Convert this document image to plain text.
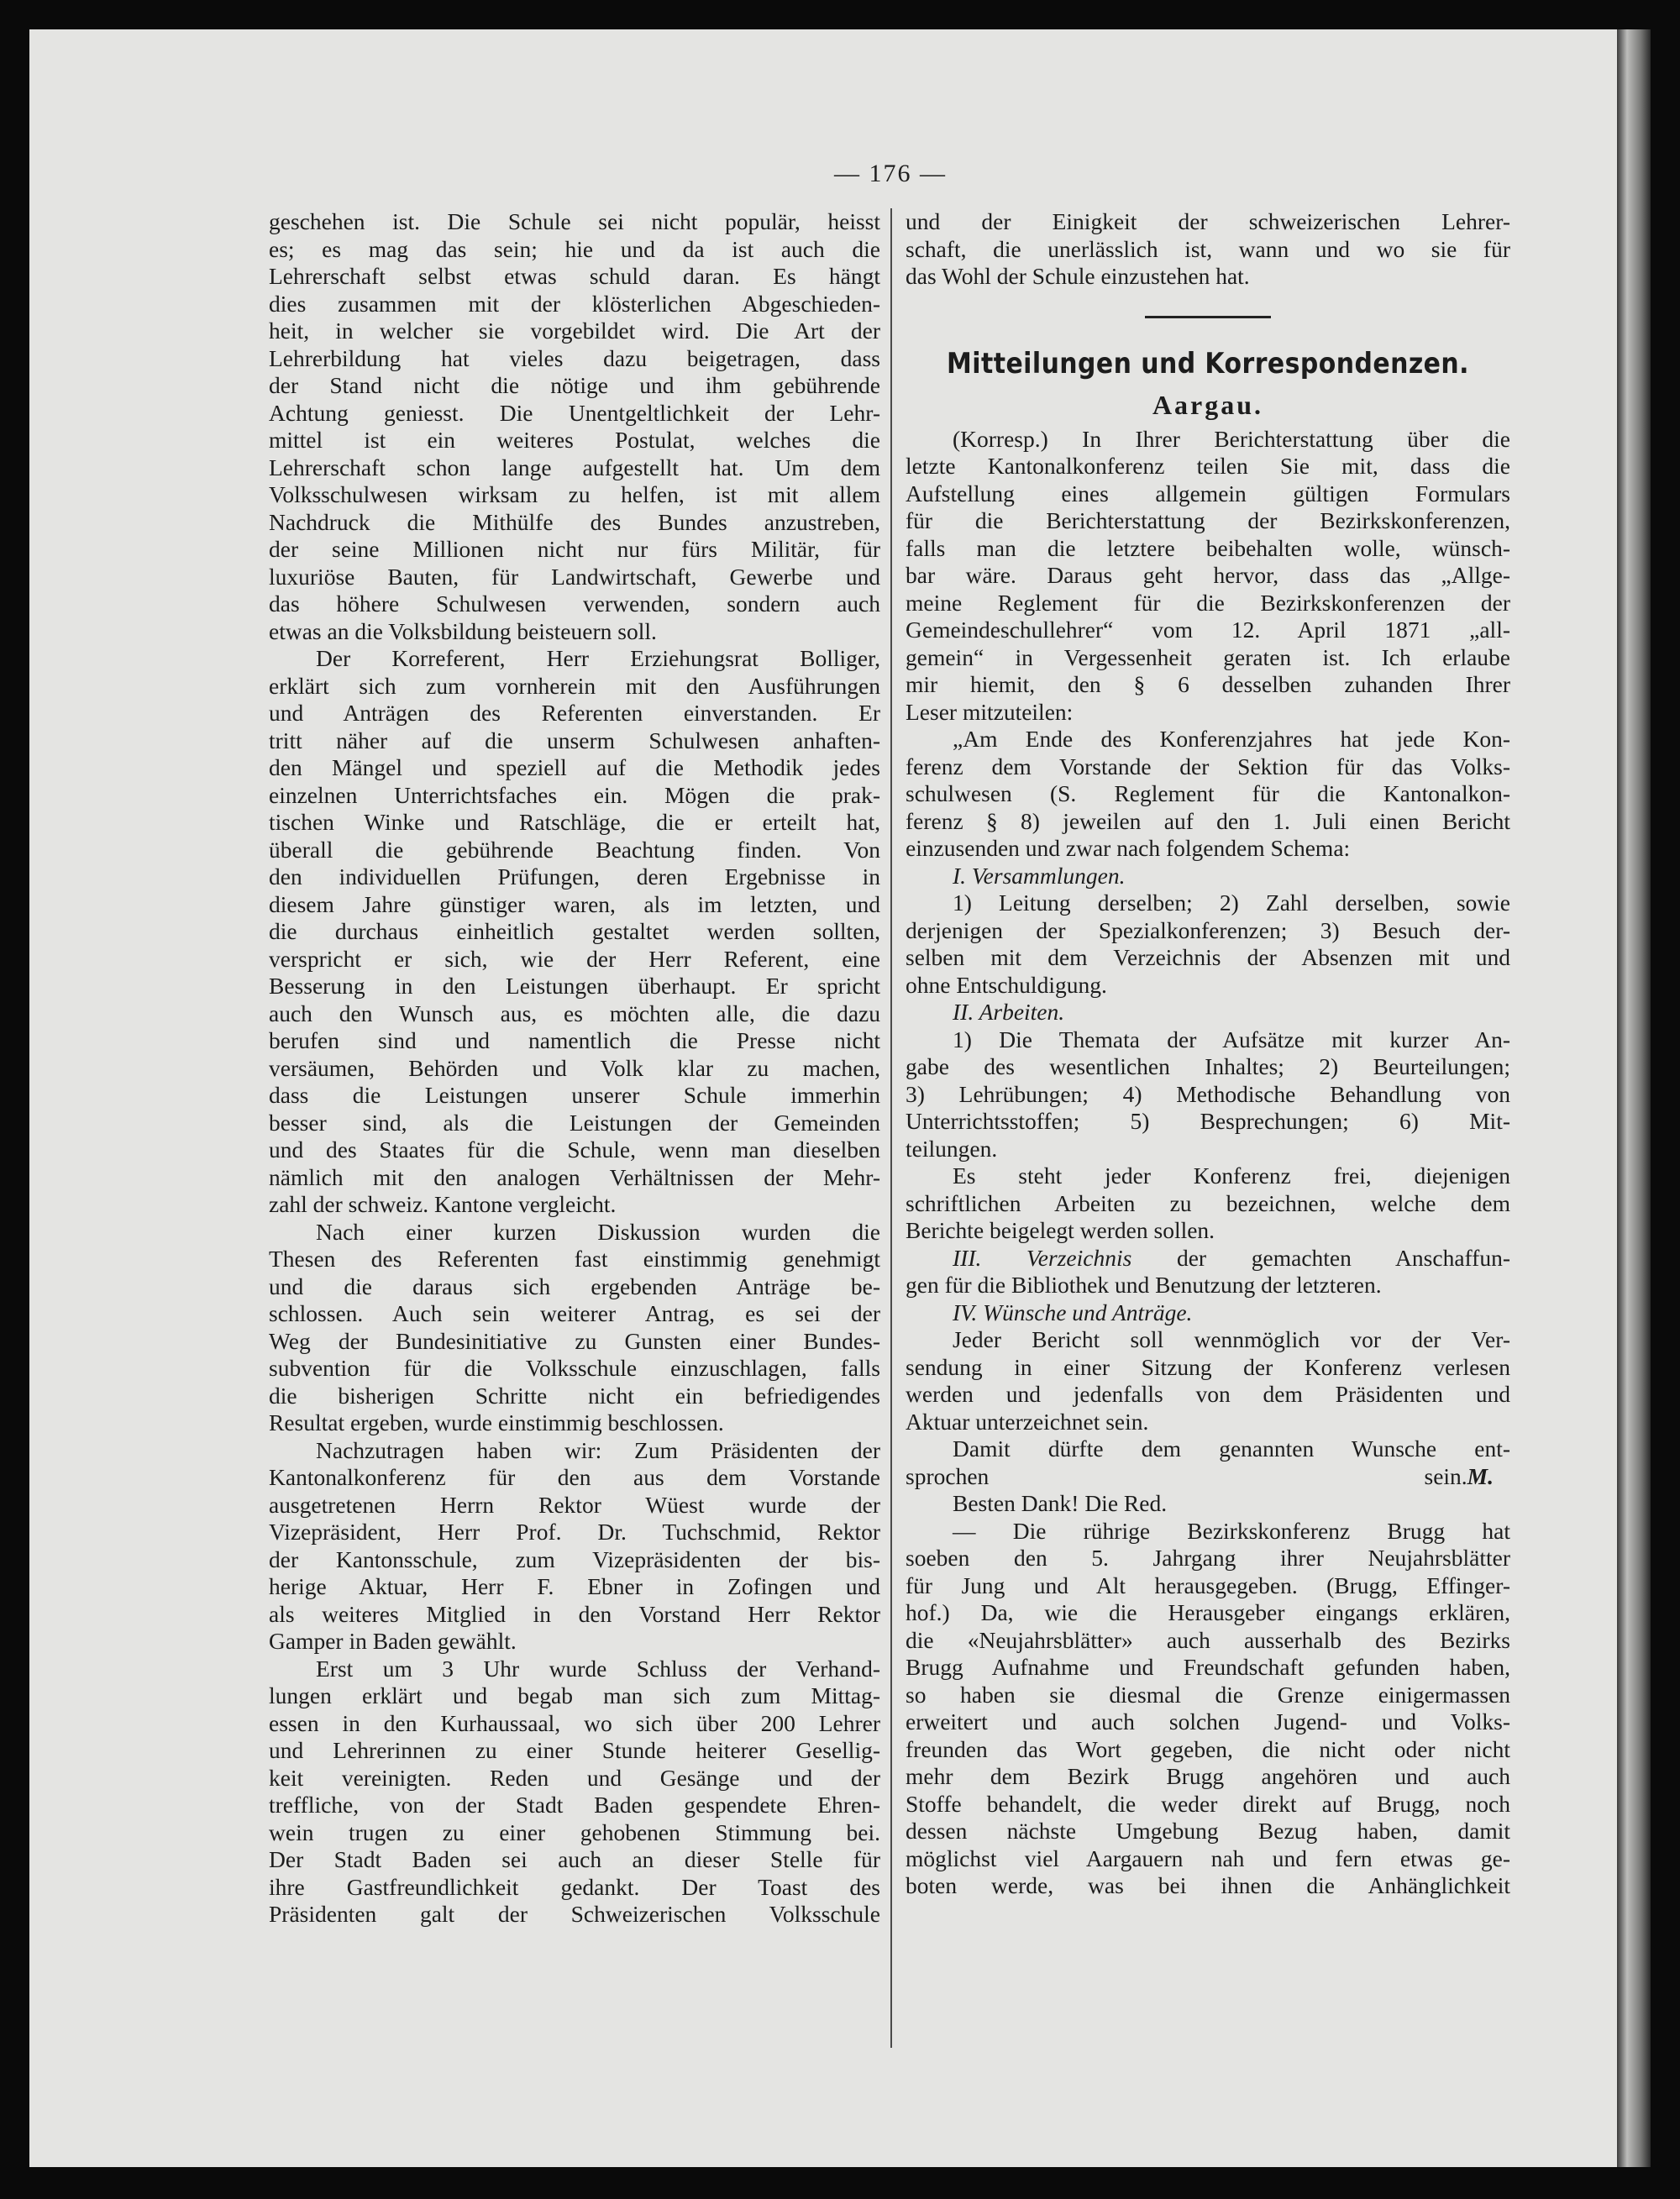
— 176 —
geschehen ist. Die Schule sei nicht populär, heisst
es; es mag das sein; hie und da ist auch die
Lehrerschaft selbst etwas schuld daran. Es hängt
dies zusammen mit der klösterlichen Abgeschieden-
heit, in welcher sie vorgebildet wird. Die Art der
Lehrerbildung hat vieles dazu beigetragen, dass
der Stand nicht die nötige und ihm gebührende
Achtung geniesst. Die Unentgeltlichkeit der Lehr-
mittel ist ein weiteres Postulat, welches die
Lehrerschaft schon lange aufgestellt hat. Um dem
Volksschulwesen wirksam zu helfen, ist mit allem
Nachdruck die Mithülfe des Bundes anzustreben,
der seine Millionen nicht nur fürs Militär, für
luxuriöse Bauten, für Landwirtschaft, Gewerbe und
das höhere Schulwesen verwenden, sondern auch
etwas an die Volksbildung beisteuern soll.
Der Korreferent, Herr Erziehungsrat Bolliger,
erklärt sich zum vornherein mit den Ausführungen
und Anträgen des Referenten einverstanden. Er
tritt näher auf die unserm Schulwesen anhaften-
den Mängel und speziell auf die Methodik jedes
einzelnen Unterrichtsfaches ein. Mögen die prak-
tischen Winke und Ratschläge, die er erteilt hat,
überall die gebührende Beachtung finden. Von
den individuellen Prüfungen, deren Ergebnisse in
diesem Jahre günstiger waren, als im letzten, und
die durchaus einheitlich gestaltet werden sollten,
verspricht er sich, wie der Herr Referent, eine
Besserung in den Leistungen überhaupt. Er spricht
auch den Wunsch aus, es möchten alle, die dazu
berufen sind und namentlich die Presse nicht
versäumen, Behörden und Volk klar zu machen,
dass die Leistungen unserer Schule immerhin
besser sind, als die Leistungen der Gemeinden
und des Staates für die Schule, wenn man dieselben
nämlich mit den analogen Verhältnissen der Mehr-
zahl der schweiz. Kantone vergleicht.
Nach einer kurzen Diskussion wurden die
Thesen des Referenten fast einstimmig genehmigt
und die daraus sich ergebenden Anträge be-
schlossen. Auch sein weiterer Antrag, es sei der
Weg der Bundesinitiative zu Gunsten einer Bundes-
subvention für die Volksschule einzuschlagen, falls
die bisherigen Schritte nicht ein befriedigendes
Resultat ergeben, wurde einstimmig beschlossen.
Nachzutragen haben wir: Zum Präsidenten der
Kantonalkonferenz für den aus dem Vorstande
ausgetretenen Herrn Rektor Wüest wurde der
Vizepräsident, Herr Prof. Dr. Tuchschmid, Rektor
der Kantonsschule, zum Vizepräsidenten der bis-
herige Aktuar, Herr F. Ebner in Zofingen und
als weiteres Mitglied in den Vorstand Herr Rektor
Gamper in Baden gewählt.
Erst um 3 Uhr wurde Schluss der Verhand-
lungen erklärt und begab man sich zum Mittag-
essen in den Kurhaussaal, wo sich über 200 Lehrer
und Lehrerinnen zu einer Stunde heiterer Gesellig-
keit vereinigten. Reden und Gesänge und der
treffliche, von der Stadt Baden gespendete Ehren-
wein trugen zu einer gehobenen Stimmung bei.
Der Stadt Baden sei auch an dieser Stelle für
ihre Gastfreundlichkeit gedankt. Der Toast des
Präsidenten galt der Schweizerischen Volksschule
und der Einigkeit der schweizerischen Lehrer-
schaft, die unerlässlich ist, wann und wo sie für
das Wohl der Schule einzustehen hat.
Mitteilungen und Korrespondenzen.
Aargau.
(Korresp.) In Ihrer Berichterstattung über die
letzte Kantonalkonferenz teilen Sie mit, dass die
Aufstellung eines allgemein gültigen Formulars
für die Berichterstattung der Bezirkskonferenzen,
falls man die letztere beibehalten wolle, wünsch-
bar wäre. Daraus geht hervor, dass das „Allge-
meine Reglement für die Bezirkskonferenzen der
Gemeindeschullehrer“ vom 12. April 1871 „all-
gemein“ in Vergessenheit geraten ist. Ich erlaube
mir hiemit, den § 6 desselben zuhanden Ihrer
Leser mitzuteilen:
„Am Ende des Konferenzjahres hat jede Kon-
ferenz dem Vorstande der Sektion für das Volks-
schulwesen (S. Reglement für die Kantonalkon-
ferenz § 8) jeweilen auf den 1. Juli einen Bericht
einzusenden und zwar nach folgendem Schema:
I. Versammlungen.
1) Leitung derselben; 2) Zahl derselben, sowie
derjenigen der Spezialkonferenzen; 3) Besuch der-
selben mit dem Verzeichnis der Absenzen mit und
ohne Entschuldigung.
II. Arbeiten.
1) Die Themata der Aufsätze mit kurzer An-
gabe des wesentlichen Inhaltes; 2) Beurteilungen;
3) Lehrübungen; 4) Methodische Behandlung von
Unterrichtsstoffen; 5) Besprechungen; 6) Mit-
teilungen.
Es steht jeder Konferenz frei, diejenigen
schriftlichen Arbeiten zu bezeichnen, welche dem
Berichte beigelegt werden sollen.
III. Verzeichnis der gemachten Anschaffun-
gen für die Bibliothek und Benutzung der letzteren.
IV. Wünsche und Anträge.
Jeder Bericht soll wennmöglich vor der Ver-
sendung in einer Sitzung der Konferenz verlesen
werden und jedenfalls von dem Präsidenten und
Aktuar unterzeichnet sein.
Damit dürfte dem genannten Wunsche ent-
sprochen sein. M.
Besten Dank! Die Red.
— Die rührige Bezirkskonferenz Brugg hat
soeben den 5. Jahrgang ihrer Neujahrsblätter
für Jung und Alt herausgegeben. (Brugg, Effinger-
hof.) Da, wie die Herausgeber eingangs erklären,
die «Neujahrsblätter» auch ausserhalb des Bezirks
Brugg Aufnahme und Freundschaft gefunden haben,
so haben sie diesmal die Grenze einigermassen
erweitert und auch solchen Jugend- und Volks-
freunden das Wort gegeben, die nicht oder nicht
mehr dem Bezirk Brugg angehören und auch
Stoffe behandelt, die weder direkt auf Brugg, noch
dessen nächste Umgebung Bezug haben, damit
möglichst viel Aargauern nah und fern etwas ge-
boten werde, was bei ihnen die Anhänglichkeit
